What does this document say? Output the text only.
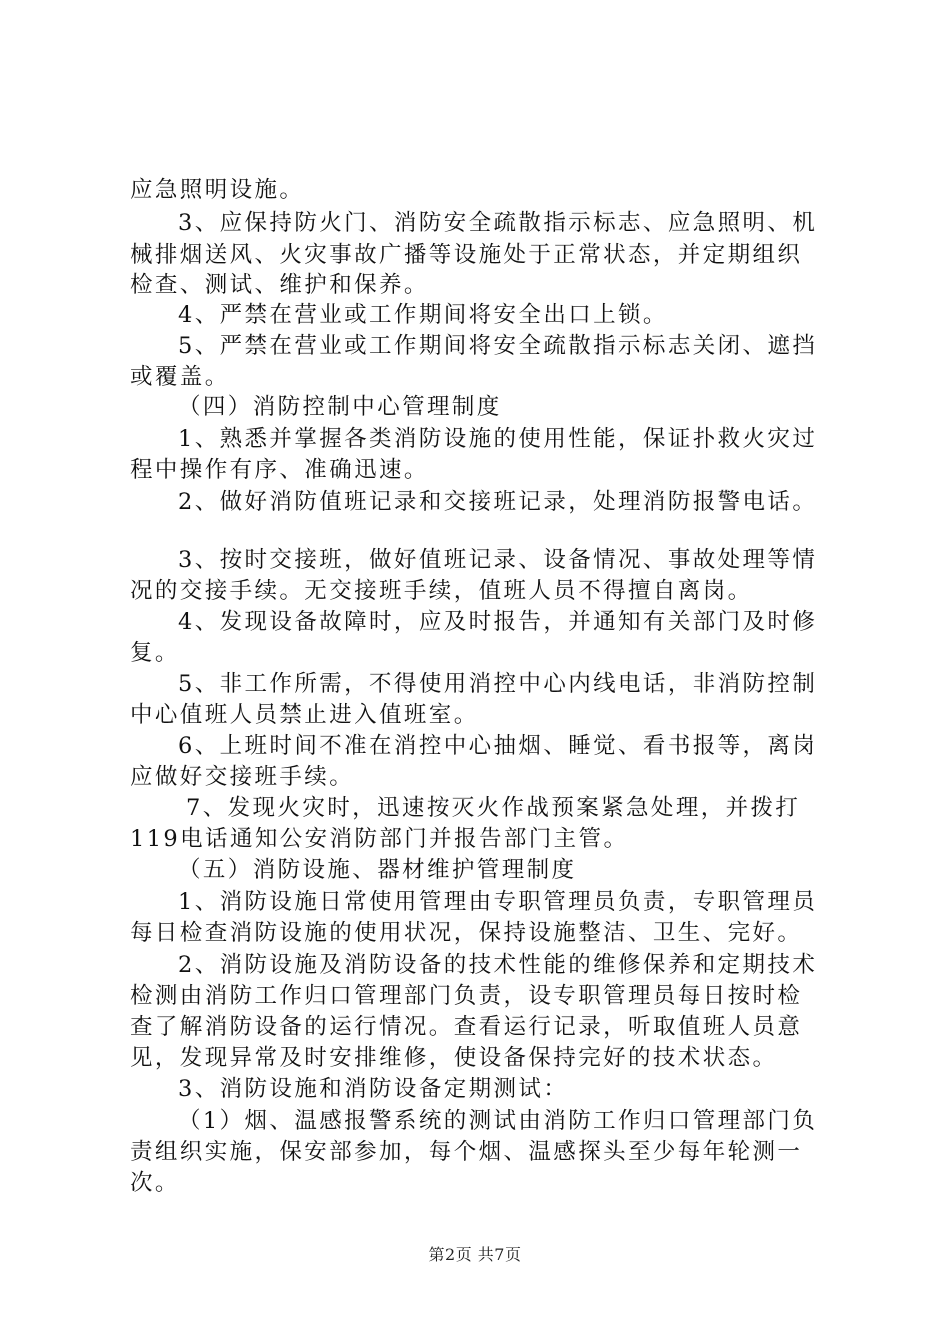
应急照明设施。
3、应保持防火门、消防安全疏散指示标志、应急照明、机
械排烟送风、火灾事故广播等设施处于正常状态，并定期组织
检查、测试、维护和保养。
4、严禁在营业或工作期间将安全出口上锁。
5、严禁在营业或工作期间将安全疏散指示标志关闭、遮挡
或覆盖。
（四）消防控制中心管理制度
1、熟悉并掌握各类消防设施的使用性能，保证扑救火灾过
程中操作有序、准确迅速。
2、做好消防值班记录和交接班记录，处理消防报警电话。
3、按时交接班，做好值班记录、设备情况、事故处理等情
况的交接手续。无交接班手续，值班人员不得擅自离岗。
4、发现设备故障时，应及时报告，并通知有关部门及时修
复。
5、非工作所需，不得使用消控中心内线电话，非消防控制
中心值班人员禁止进入值班室。
6、上班时间不准在消控中心抽烟、睡觉、看书报等，离岗
应做好交接班手续。
7、发现火灾时，迅速按灭火作战预案紧急处理，并拨打
119电话通知公安消防部门并报告部门主管。
（五）消防设施、器材维护管理制度
1、消防设施日常使用管理由专职管理员负责，专职管理员
每日检查消防设施的使用状况，保持设施整洁、卫生、完好。
2、消防设施及消防设备的技术性能的维修保养和定期技术
检测由消防工作归口管理部门负责，设专职管理员每日按时检
查了解消防设备的运行情况。查看运行记录，听取值班人员意
见，发现异常及时安排维修，使设备保持完好的技术状态。
3、消防设施和消防设备定期测试：
（1）烟、温感报警系统的测试由消防工作归口管理部门负
责组织实施，保安部参加，每个烟、温感探头至少每年轮测一
次。
第2页 共7页
